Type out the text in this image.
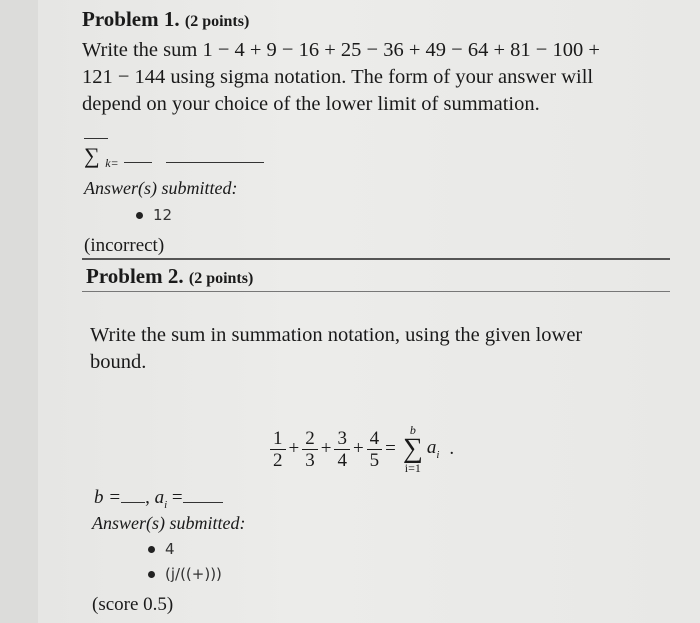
Problem 1. (2 points)
Write the sum 1 − 4 + 9 − 16 + 25 − 36 + 49 − 64 + 81 − 100 +
121 − 144 using sigma notation. The form of your answer will
depend on your choice of the lower limit of summation.
∑ k=
Answer(s) submitted:
12
(incorrect)
Problem 2. (2 points)
Write the sum in summation notation, using the given lower
bound.
$\frac{1}{2} + \frac{2}{3} + \frac{3}{4} + \frac{4}{5}$ =
b
∑
i=1
$a_i$ .
b = , $a_i$ =
Answer(s) submitted:
4
(j/((+)))
(score 0.5)
